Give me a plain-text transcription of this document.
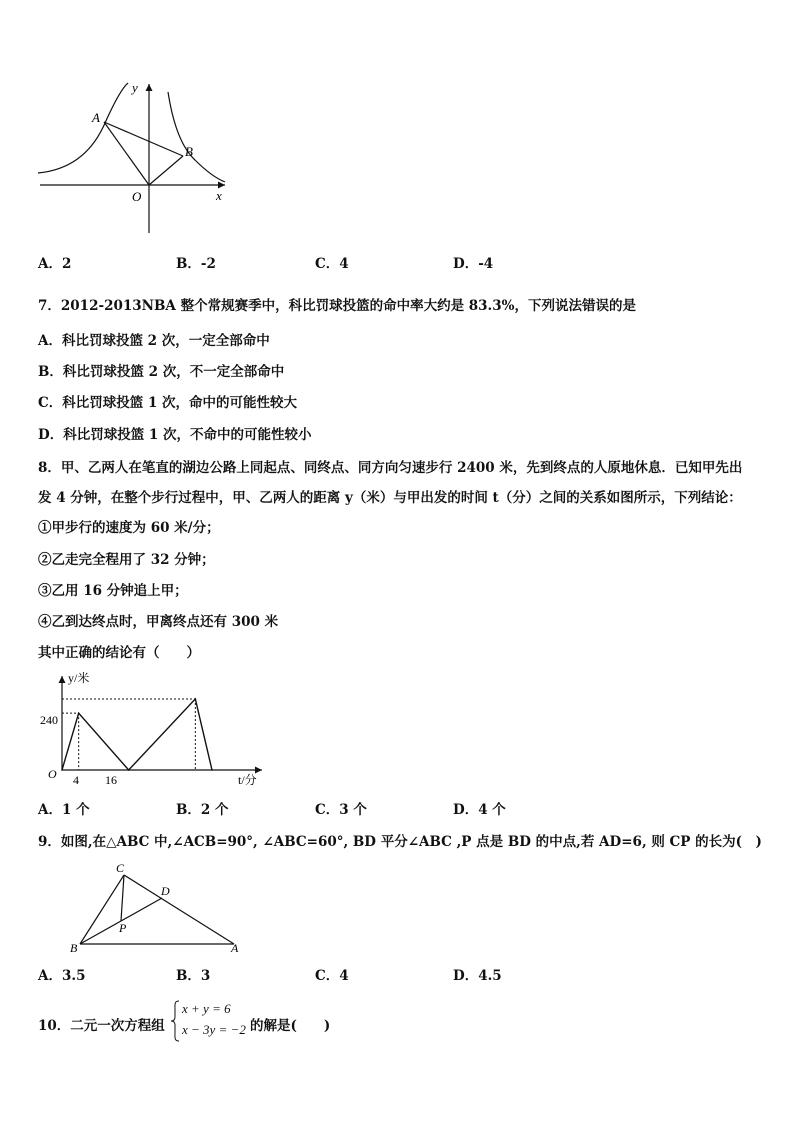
y
x
O
A
B
A．2	B．-2	C．4	D．-4
7．2012-2013NBA 整个常规赛季中，科比罚球投篮的命中率大约是 83.3%，下列说法错误的是
A．科比罚球投篮 2 次，一定全部命中
B．科比罚球投篮 2 次，不一定全部命中
C．科比罚球投篮 1 次，命中的可能性较大
D．科比罚球投篮 1 次，不命中的可能性较小
8．甲、乙两人在笔直的湖边公路上同起点、同终点、同方向匀速步行 2400 米，先到终点的人原地休息．已知甲先出
发 4 分钟，在整个步行过程中，甲、乙两人的距离 y（米）与甲出发的时间 t（分）之间的关系如图所示，下列结论：
①甲步行的速度为 60 米/分；
②乙走完全程用了 32 分钟；
③乙用 16 分钟追上甲；
④乙到达终点时，甲离终点还有 300 米
其中正确的结论有（　　）
y/米
t/分
O 4 16
240
A．1 个	B．2 个	C．3 个	D．4 个
9．如图,在△ABC 中,∠ACB=90°, ∠ABC=60°, BD 平分∠ABC ,P 点是 BD 的中点,若 AD=6, 则 CP 的长为(　)
C
D
P
B	A
A．3.5	B．3	C．4	D．4.5
10．二元一次方程组
x + y = 6
x − 3y = −2 的解是(　　)
